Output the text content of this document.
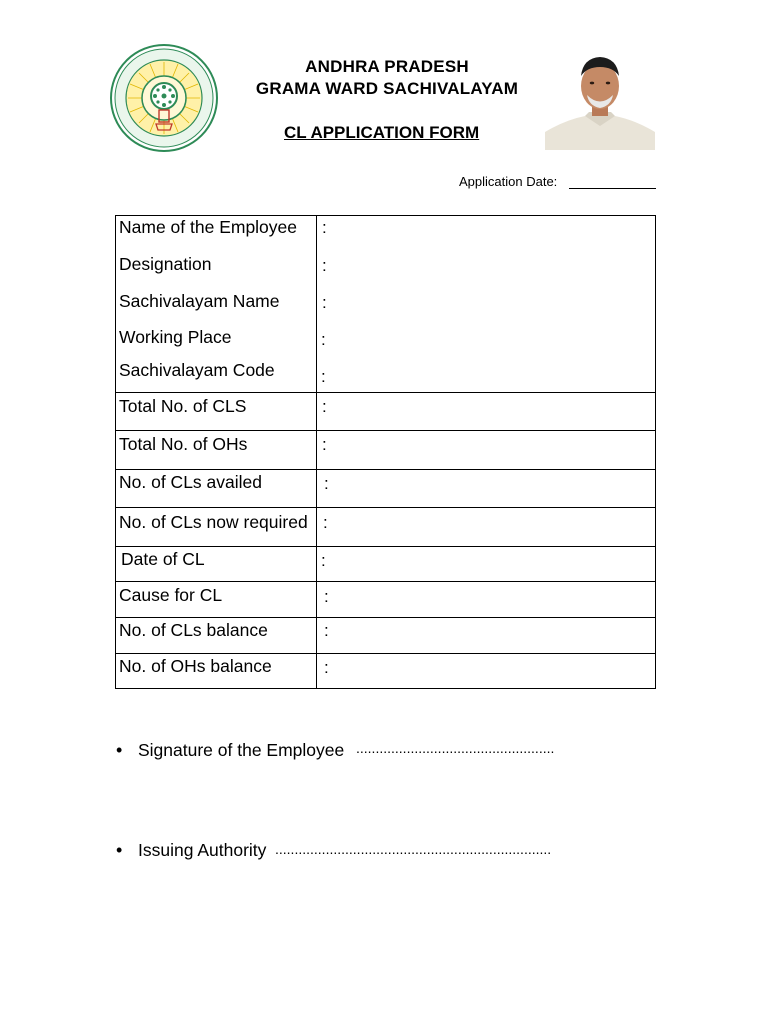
ANDHRA PRADESH
GRAMA WARD SACHIVALAYAM
CL APPLICATION FORM
Application Date:
Name of the Employee :
Designation	:
Sachivalayam Name	:
Working Place	:
Sachivalayam Code	:
Total No. of CLS	:
Total No. of OHs	:
No. of CLs availed	:
No. of CLs now required :
Date of CL	:
Cause for CL	:
No. of CLs balance	:
No. of OHs balance	:
• Signature of the Employee ...................................................
• Issuing Authority .......................................................................
